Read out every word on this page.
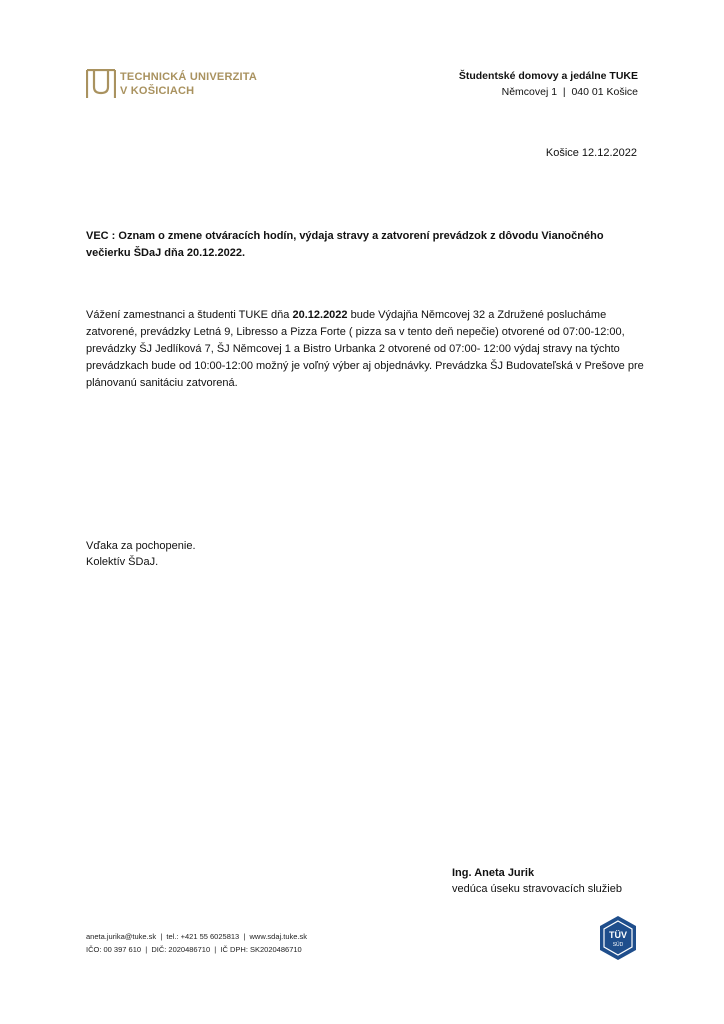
TECHNICKÁ UNIVERZITA
V KOŠICIACH
Študentské domovy a jedálne TUKE
Němcovej 1  |  040 01 Košice
Košice 12.12.2022
VEC : Oznam o zmene otváracích hodín, výdaja stravy a zatvorení prevádzok z dôvodu Vianočného večierku ŠDaJ dňa 20.12.2022.
Vážení zamestnanci a študenti TUKE dňa 20.12.2022 bude Výdajňa Němcovej 32 a Združené poslucháme zatvorené, prevádzky Letná 9, Libresso a Pizza Forte ( pizza sa v tento deň nepečie) otvorené od 07:00-12:00, prevádzky ŠJ Jedlíková 7, ŠJ Němcovej 1 a Bistro Urbanka 2 otvorené od 07:00- 12:00 výdaj stravy na týchto prevádzkach bude od 10:00-12:00 možný je voľný výber aj objednávky. Prevádzka ŠJ Budovateľská v Prešove pre plánovanú sanitáciu zatvorená.
Vďaka za pochopenie.
Kolektív ŠDaJ.
Ing. Aneta Jurik
vedúca úseku stravovacích služieb
aneta.jurika@tuke.sk  |  tel.: +421 55 6025813  |  www.sdaj.tuke.sk
IČO: 00 397 610  |  DIČ: 2020486710  |  IČ DPH: SK2020486710
TÜV
SÜD
